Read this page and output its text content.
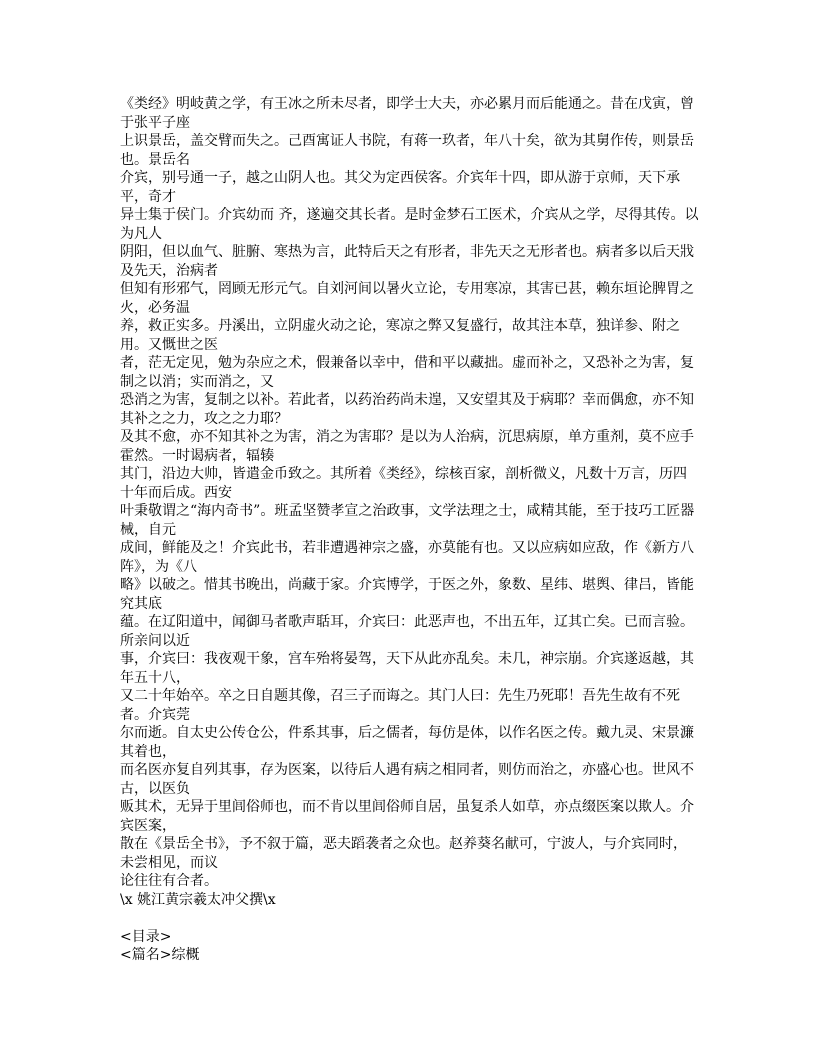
《类经》明岐黄之学，有王冰之所未尽者，即学士大夫，亦必累月而后能通之。昔在戊寅，曾于张平子座
上识景岳，盖交臂而失之。己酉寓证人书院，有蒋一玖者，年八十矣，欲为其舅作传，则景岳也。景岳名
介宾，别号通一子，越之山阴人也。其父为定西侯客。介宾年十四，即从游于京师，天下承平，奇才
异士集于侯门。介宾幼而 齐，遂遍交其长者。是时金梦石工医术，介宾从之学，尽得其传。以为凡人
阴阳，但以血气、脏腑、寒热为言，此特后天之有形者，非先天之无形者也。病者多以后天戕及先天，治病者
但知有形邪气，罔顾无形元气。自刘河间以暑火立论，专用寒凉，其害已甚，赖东垣论脾胃之火，必务温
养，救正实多。丹溪出，立阴虚火动之论，寒凉之弊又复盛行，故其注本草，独详参、附之用。又慨世之医
者，茫无定见，勉为杂应之术，假兼备以幸中，借和平以藏拙。虚而补之，又恐补之为害，复制之以消；实而消之，又
恐消之为害，复制之以补。若此者，以药治药尚未遑，又安望其及于病耶？幸而偶愈，亦不知其补之之力，攻之之力耶？
及其不愈，亦不知其补之为害，消之为害耶？是以为人治病，沉思病原，单方重剂，莫不应手霍然。一时谒病者，辐辏
其门，沿边大帅，皆遣金币致之。其所着《类经》，综核百家，剖析微义，凡数十万言，历四十年而后成。西安
叶秉敬谓之“海内奇书”。班孟坚赞孝宣之治政事，文学法理之士，咸精其能，至于技巧工匠器械，自元
成间，鲜能及之！介宾此书，若非遭遇神宗之盛，亦莫能有也。又以应病如应敌，作《新方八阵》，为《八
略》以破之。惜其书晚出，尚藏于家。介宾博学，于医之外，象数、星纬、堪舆、律吕，皆能究其底
蕴。在辽阳道中，闻御马者歌声聒耳，介宾曰：此恶声也，不出五年，辽其亡矣。已而言验。所亲问以近
事，介宾曰：我夜观干象，宫车殆将晏驾，天下从此亦乱矣。未几，神宗崩。介宾遂返越，其年五十八，
又二十年始卒。卒之日自题其像，召三子而诲之。其门人曰：先生乃死耶！吾先生故有不死者。介宾莞
尔而逝。自太史公传仓公，件系其事，后之儒者，每仿是体，以作名医之传。戴九灵、宋景濂其着也，
而名医亦复自列其事，存为医案，以待后人遇有病之相同者，则仿而治之，亦盛心也。世风不古，以医负
贩其术，无异于里闾俗师也，而不肯以里闾俗师自居，虽复杀人如草，亦点缀医案以欺人。介宾医案，
散在《景岳全书》，予不叙于篇，恶夫蹈袭者之众也。赵养葵名献可，宁波人，与介宾同时，未尝相见，而议
论往往有合者。
\x 姚江黄宗羲太冲父撰\x
<目录>
<篇名>综概
